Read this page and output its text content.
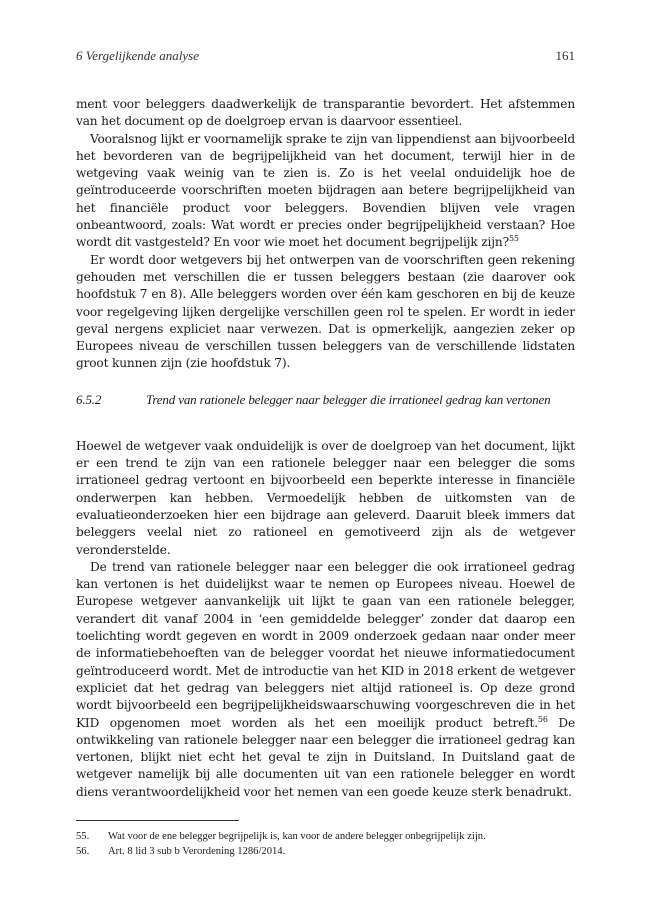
6 Vergelijkende analyse	161

ment voor beleggers daadwerkelijk de transparantie bevordert. Het afstemmen van het document op de doelgroep ervan is daarvoor essentieel.

Vooralsnog lijkt er voornamelijk sprake te zijn van lippendienst aan bijvoorbeeld het bevorderen van de begrijpelijkheid van het document, terwijl hier in de wetgeving vaak weinig van te zien is. Zo is het veelal onduidelijk hoe de geïntroduceerde voorschriften moeten bijdragen aan betere begrijpelijkheid van het financiële product voor beleggers. Bovendien blijven vele vragen onbeantwoord, zoals: Wat wordt er precies onder begrijpelijkheid verstaan? Hoe wordt dit vastgesteld? En voor wie moet het document begrijpelijk zijn?$^{55}$

Er wordt door wetgevers bij het ontwerpen van de voorschriften geen rekening gehouden met verschillen die er tussen beleggers bestaan (zie daarover ook hoofdstuk 7 en 8). Alle beleggers worden over één kam geschoren en bij de keuze voor regelgeving lijken dergelijke verschillen geen rol te spelen. Er wordt in ieder geval nergens expliciet naar verwezen. Dat is opmerkelijk, aangezien zeker op Europees niveau de verschillen tussen beleggers van de verschillende lidstaten groot kunnen zijn (zie hoofdstuk 7).

6.5.2	Trend van rationele belegger naar belegger die irrationeel gedrag kan vertonen

Hoewel de wetgever vaak onduidelijk is over de doelgroep van het document, lijkt er een trend te zijn van een rationele belegger naar een belegger die soms irrationeel gedrag vertoont en bijvoorbeeld een beperkte interesse in financiële onderwerpen kan hebben. Vermoedelijk hebben de uitkomsten van de evaluatieonderzoeken hier een bijdrage aan geleverd. Daaruit bleek immers dat beleggers veelal niet zo rationeel en gemotiveerd zijn als de wetgever veronderstelde.

De trend van rationele belegger naar een belegger die ook irrationeel gedrag kan vertonen is het duidelijkst waar te nemen op Europees niveau. Hoewel de Europese wetgever aanvankelijk uit lijkt te gaan van een rationele belegger, verandert dit vanaf 2004 in ‘een gemiddelde belegger’ zonder dat daarop een toelichting wordt gegeven en wordt in 2009 onderzoek gedaan naar onder meer de informatiebehoeften van de belegger voordat het nieuwe informatiedocument geïntroduceerd wordt. Met de introductie van het KID in 2018 erkent de wetgever expliciet dat het gedrag van beleggers niet altijd rationeel is. Op deze grond wordt bijvoorbeeld een begrijpelijkheidswaarschuwing voorgeschreven die in het KID opgenomen moet worden als het een moeilijk product betreft.$^{56}$ De ontwikkeling van rationele belegger naar een belegger die irrationeel gedrag kan vertonen, blijkt niet echt het geval te zijn in Duitsland. In Duitsland gaat de wetgever namelijk bij alle documenten uit van een rationele belegger en wordt diens verantwoordelijkheid voor het nemen van een goede keuze sterk benadrukt.

55. Wat voor de ene belegger begrijpelijk is, kan voor de andere belegger onbegrijpelijk zijn.
56. Art. 8 lid 3 sub b Verordening 1286/2014.
